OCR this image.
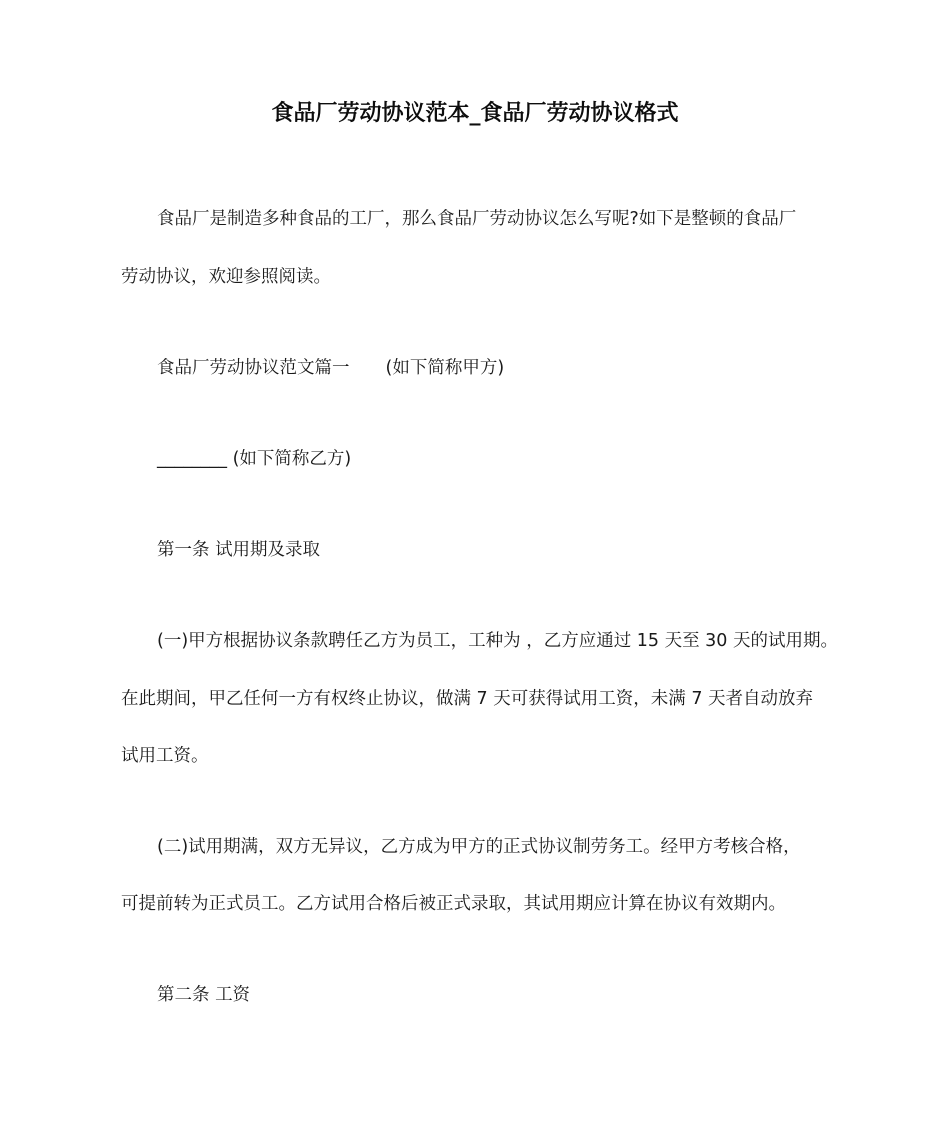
食品厂劳动协议范本_食品厂劳动协议格式
食品厂是制造多种食品的工厂，那么食品厂劳动协议怎么写呢?如下是整顿的食品厂
劳动协议，欢迎参照阅读。
食品厂劳动协议范文篇一 (如下简称甲方)
________ (如下简称乙方)
第一条 试用期及录取
(一)甲方根据协议条款聘任乙方为员工，工种为 ，乙方应通过 15 天至 30 天的试用期。
在此期间，甲乙任何一方有权终止协议，做满 7 天可获得试用工资，未满 7 天者自动放弃
试用工资。
(二)试用期满，双方无异议，乙方成为甲方的正式协议制劳务工。经甲方考核合格，
可提前转为正式员工。乙方试用合格后被正式录取，其试用期应计算在协议有效期内。
第二条 工资
